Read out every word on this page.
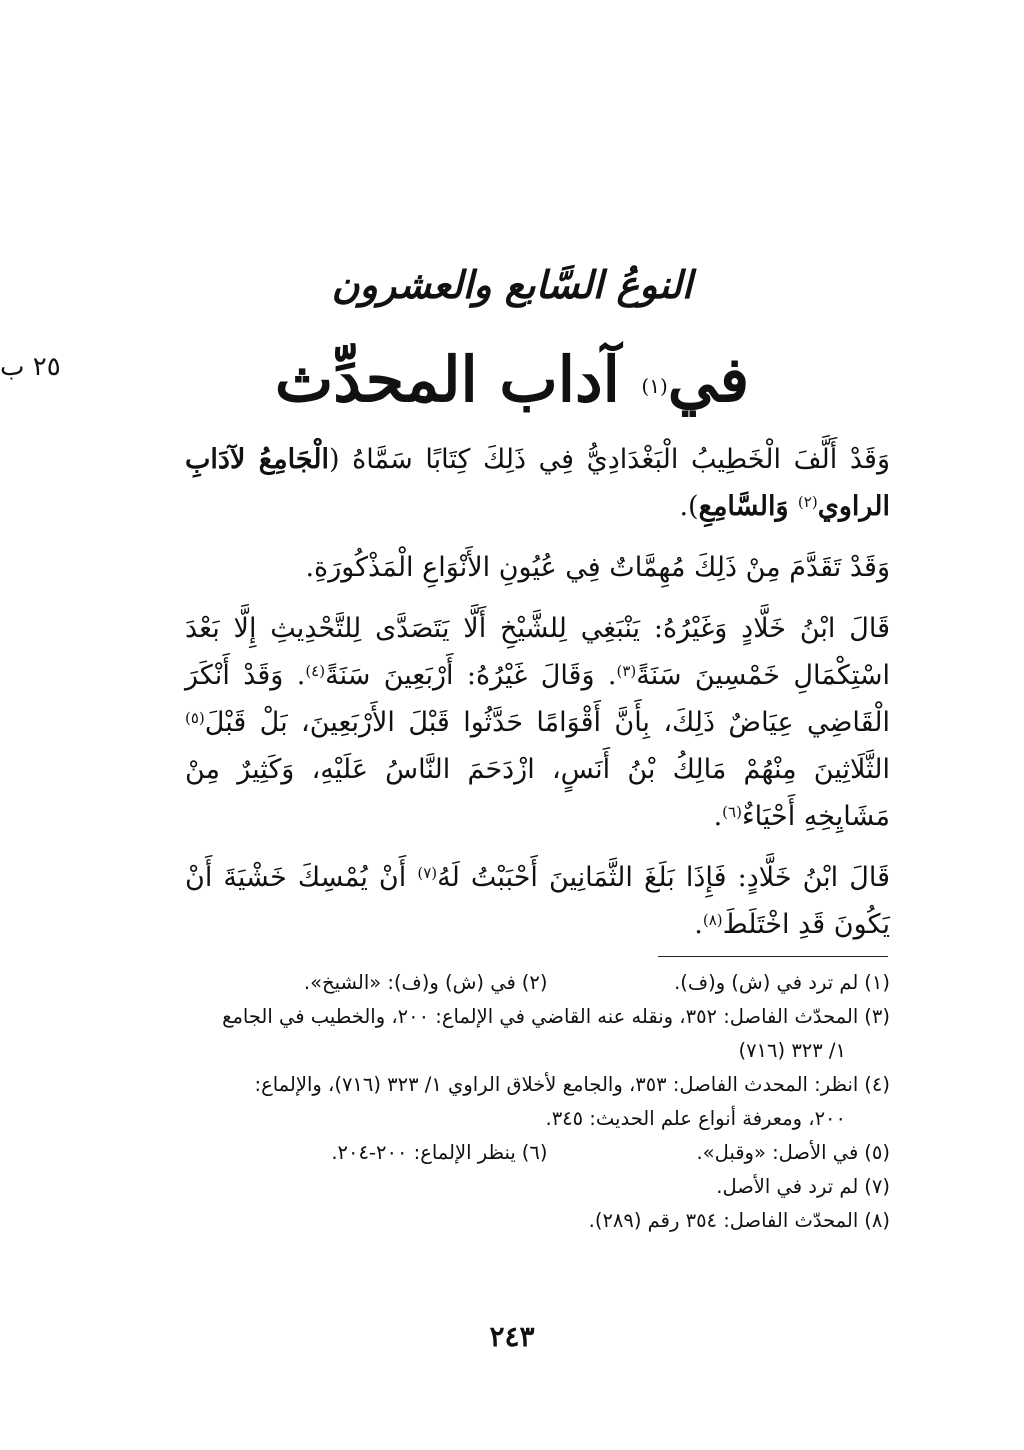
٢٥ ب
النوعُ السَّابع والعشرون
في$^{(١)}$ آداب المحدِّث

وَقَدْ أَلَّفَ الْخَطِيبُ الْبَغْدَادِيُّ فِي ذَلِكَ كِتَابًا سَمَّاهُ (الْجَامِعُ لآدَابِ الراوي$^{(٢)}$ وَالسَّامِعِ).

وَقَدْ تَقَدَّمَ مِنْ ذَلِكَ مُهِمَّاتٌ فِي عُيُونِ الأَنْوَاعِ الْمَذْكُورَةِ.

قَالَ ابْنُ خَلَّادٍ وَغَيْرُهُ: يَنْبَغِي لِلشَّيْخِ أَلَّا يَتَصَدَّى لِلتَّحْدِيثِ إِلَّا بَعْدَ اسْتِكْمَالِ خَمْسِينَ سَنَةً$^{(٣)}$. وَقَالَ غَيْرُهُ: أَرْبَعِينَ سَنَةً$^{(٤)}$. وَقَدْ أَنْكَرَ الْقَاضِي عِيَاضٌ ذَلِكَ، بِأَنَّ أَقْوَامًا حَدَّثُوا قَبْلَ الأَرْبَعِينَ، بَلْ قَبْلَ$^{(٥)}$ الثَّلَاثِينَ مِنْهُمْ مَالِكُ بْنُ أَنَسٍ، ازْدَحَمَ النَّاسُ عَلَيْهِ، وَكَثِيرٌ مِنْ مَشَايِخِهِ أَحْيَاءٌ$^{(٦)}$.

قَالَ ابْنُ خَلَّادٍ: فَإِذَا بَلَغَ الثَّمَانِينَ أَحْبَبْتُ لَهُ$^{(٧)}$ أَنْ يُمْسِكَ خَشْيَةَ أَنْ يَكُونَ قَدِ اخْتَلَطَ$^{(٨)}$.

(١)لم ترد في (ش) و(ف).
(٢)في (ش) و(ف): «الشيخ».
(٣)المحدّث الفاصل: ٣٥٢، ونقله عنه القاضي في الإلماع: ٢٠٠، والخطيب في الجامع
١/ ٣٢٣ (٧١٦)
(٤)انظر: المحدث الفاصل: ٣٥٣، والجامع لأخلاق الراوي ١/ ٣٢٣ (٧١٦)، والإلماع:
٢٠٠، ومعرفة أنواع علم الحديث: ٣٤٥.
(٥)في الأصل: «وقبل».
(٦)ينظر الإلماع: ٢٠٠-٢٠٤.
(٧)لم ترد في الأصل.
(٨)المحدّث الفاصل: ٣٥٤ رقم (٢٨٩).
٢٤٣
